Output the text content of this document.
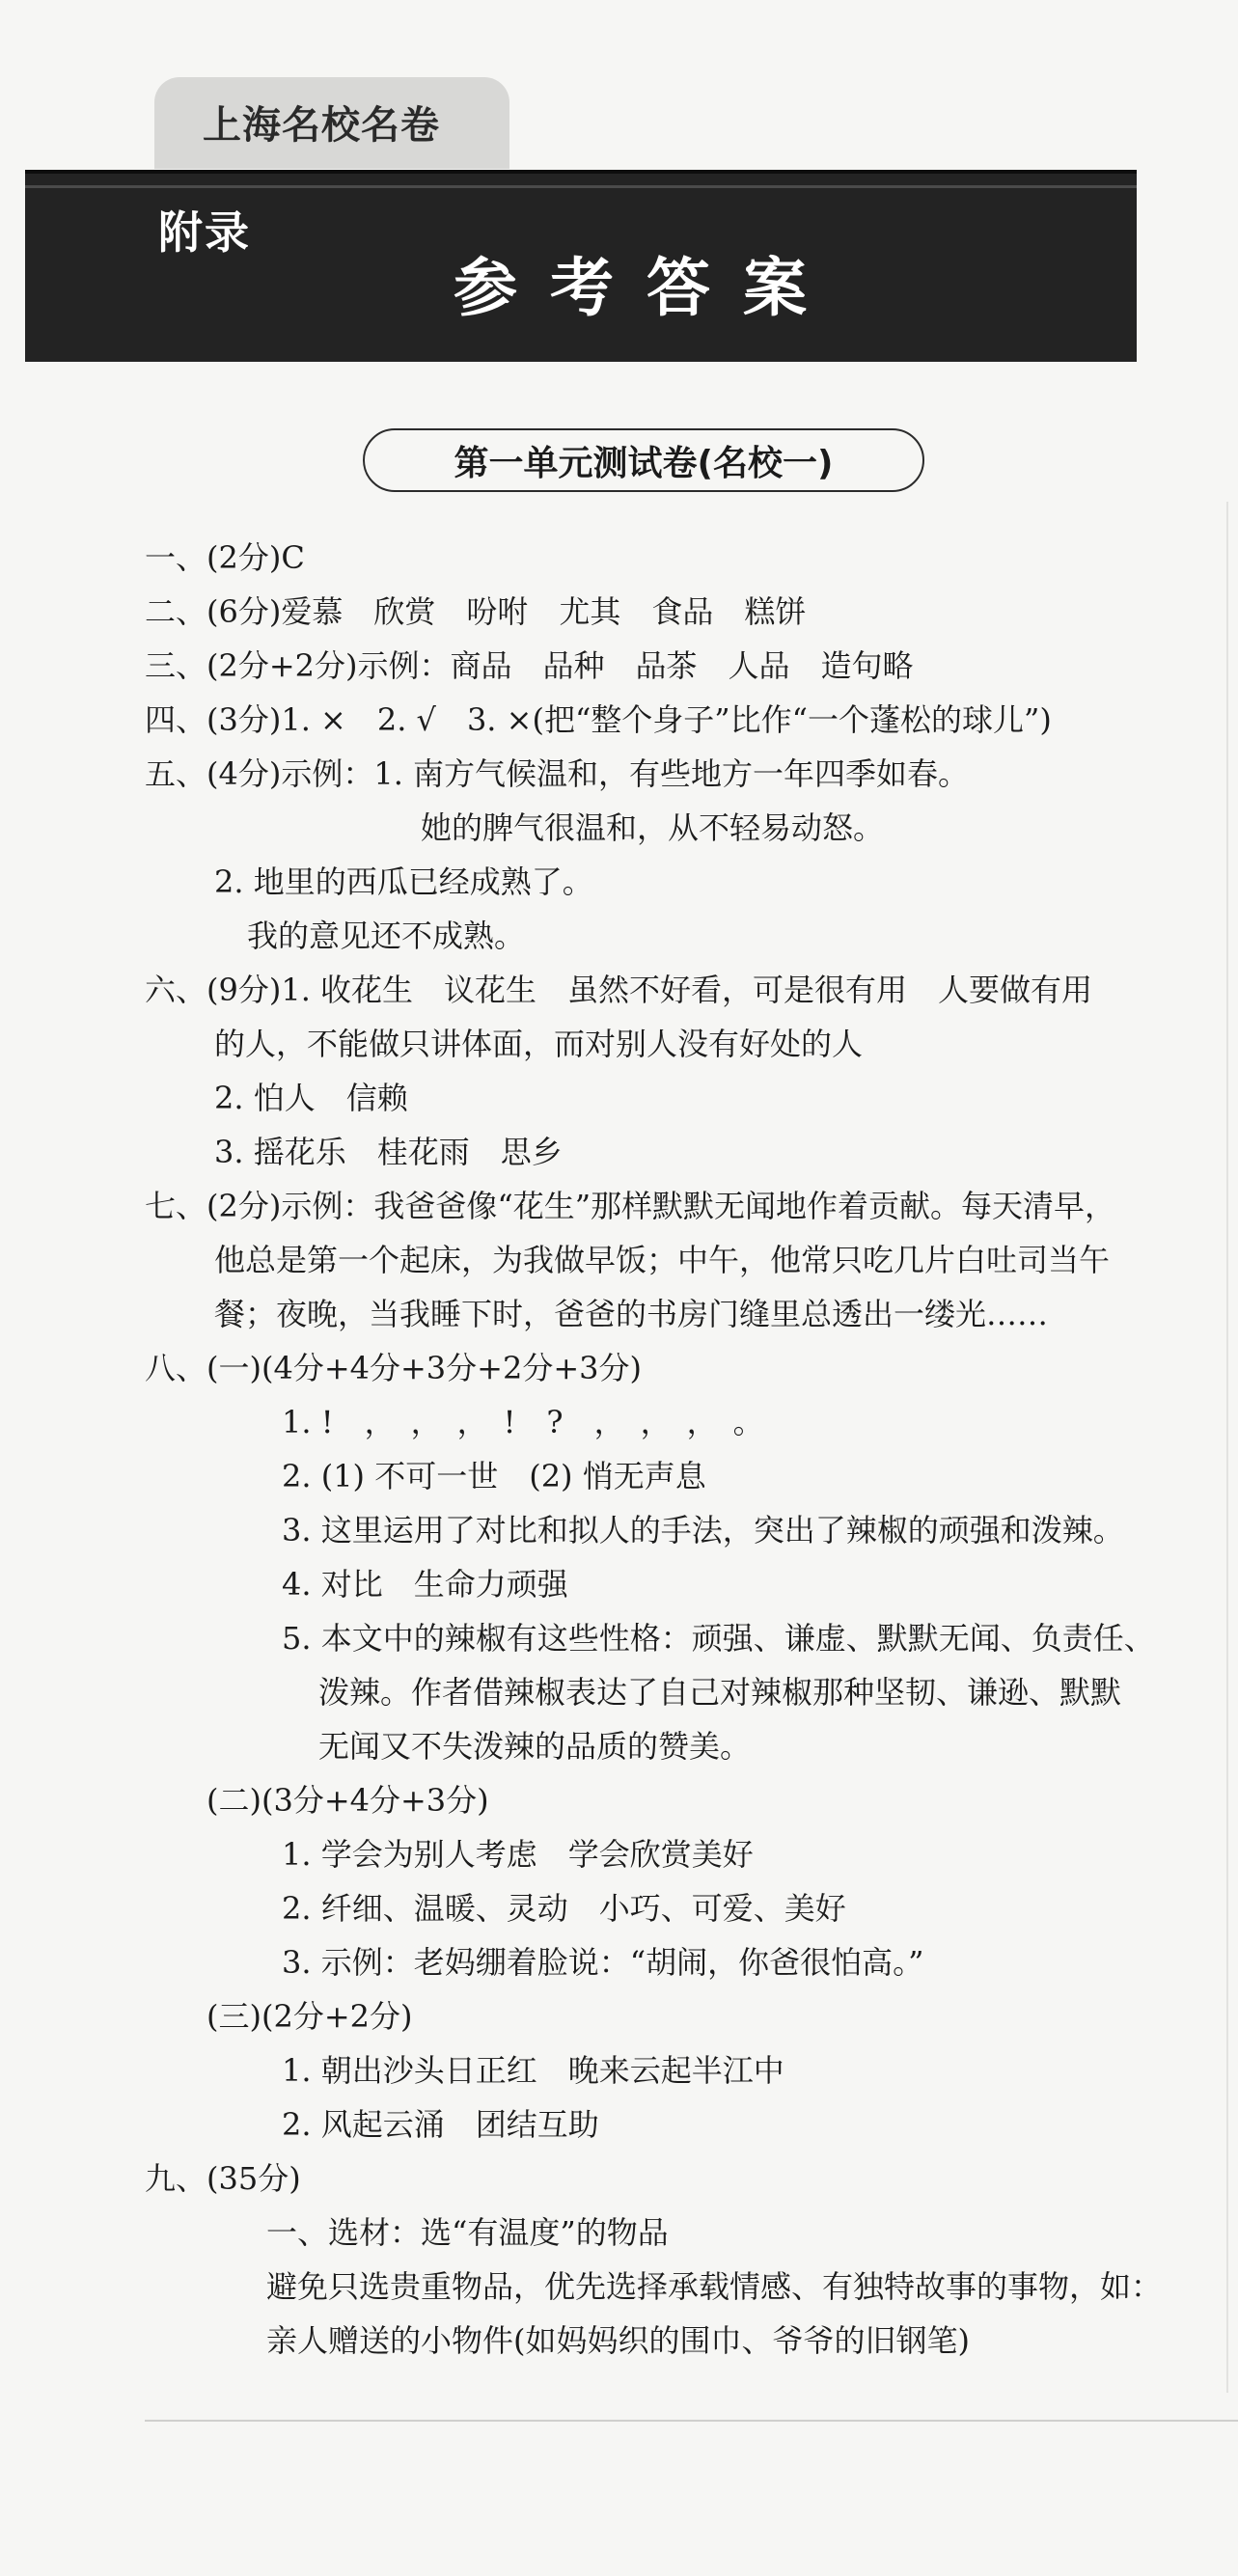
上海名校名卷
附录
参考答案
第一单元测试卷(名校一)
一、(2分)C
二、(6分)爱慕　欣赏　吩咐　尤其　食品　糕饼
三、(2分+2分)示例：商品　品种　品茶　人品　造句略
四、(3分)1. ×　2. √　3. ×(把“整个身子”比作“一个蓬松的球儿”)
五、(4分)示例：1. 南方气候温和，有些地方一年四季如春。
她的脾气很温和，从不轻易动怒。
2. 地里的西瓜已经成熟了。
我的意见还不成熟。
六、(9分)1. 收花生　议花生　虽然不好看，可是很有用　人要做有用
的人，不能做只讲体面，而对别人没有好处的人
2. 怕人　信赖
3. 摇花乐　桂花雨　思乡
七、(2分)示例：我爸爸像“花生”那样默默无闻地作着贡献。每天清早，
他总是第一个起床，为我做早饭；中午，他常只吃几片白吐司当午
餐；夜晚，当我睡下时，爸爸的书房门缝里总透出一缕光……
八、(一)(4分+4分+3分+2分+3分)
1. !　，　，　，　!　?　，　，　，　。
2. (1) 不可一世　(2) 悄无声息
3. 这里运用了对比和拟人的手法，突出了辣椒的顽强和泼辣。
4. 对比　生命力顽强
5. 本文中的辣椒有这些性格：顽强、谦虚、默默无闻、负责任、
泼辣。作者借辣椒表达了自己对辣椒那种坚韧、谦逊、默默
无闻又不失泼辣的品质的赞美。
(二)(3分+4分+3分)
1. 学会为别人考虑　学会欣赏美好
2. 纤细、温暖、灵动　小巧、可爱、美好
3. 示例：老妈绷着脸说：“胡闹，你爸很怕高。”
(三)(2分+2分)
1. 朝出沙头日正红　晚来云起半江中
2. 风起云涌　团结互助
九、(35分)
一、选材：选“有温度”的物品
避免只选贵重物品，优先选择承载情感、有独特故事的事物，如：
亲人赠送的小物件(如妈妈织的围巾、爷爷的旧钢笔)
